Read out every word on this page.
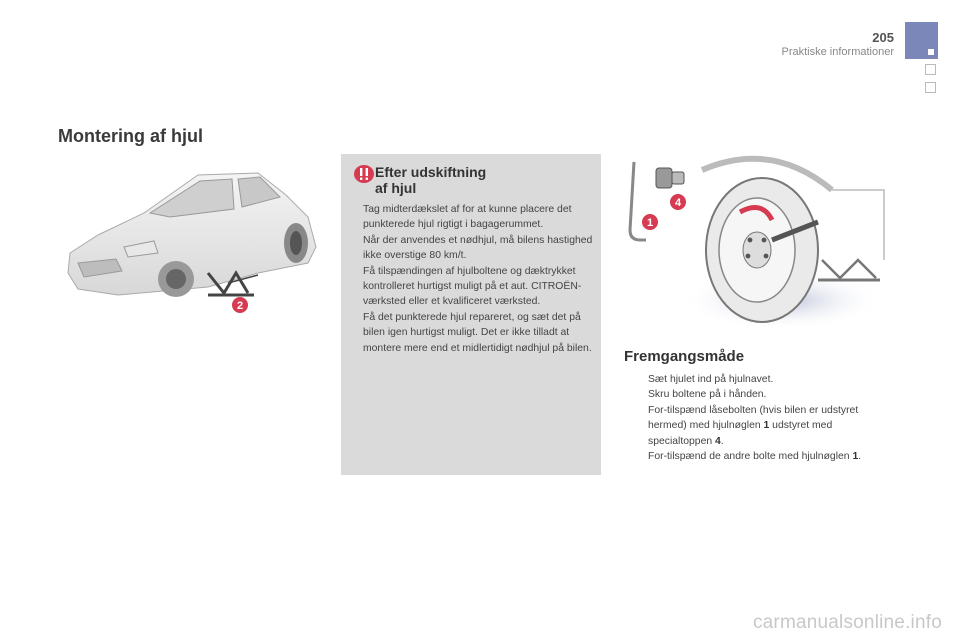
205
Praktiske informationer
Montering af hjul
2
Efter udskiftning
af hjul

Tag midterdækslet af for at kunne placere det punkterede hjul rigtigt i bagagerummet.

Når der anvendes et nødhjul, må bilens hastighed ikke overstige 80 km/t.

Få tilspændingen af hjulboltene og dæktrykket kontrolleret hurtigst muligt på et aut. CITROËN-værksted eller et kvalificeret værksted.

Få det punkterede hjul repareret, og sæt det på bilen igen hurtigst muligt. Det er ikke tilladt at montere mere end et midlertidigt nødhjul på bilen.

1
4
Fremgangsmåde
Sæt hjulet ind på hjulnavet.
Skru boltene på i hånden.
For-tilspænd låsebolten (hvis bilen er udstyret hermed) med hjulnøglen 1 udstyret med specialtoppen 4.
For-tilspænd de andre bolte med hjulnøglen 1.
carmanualsonline.info
